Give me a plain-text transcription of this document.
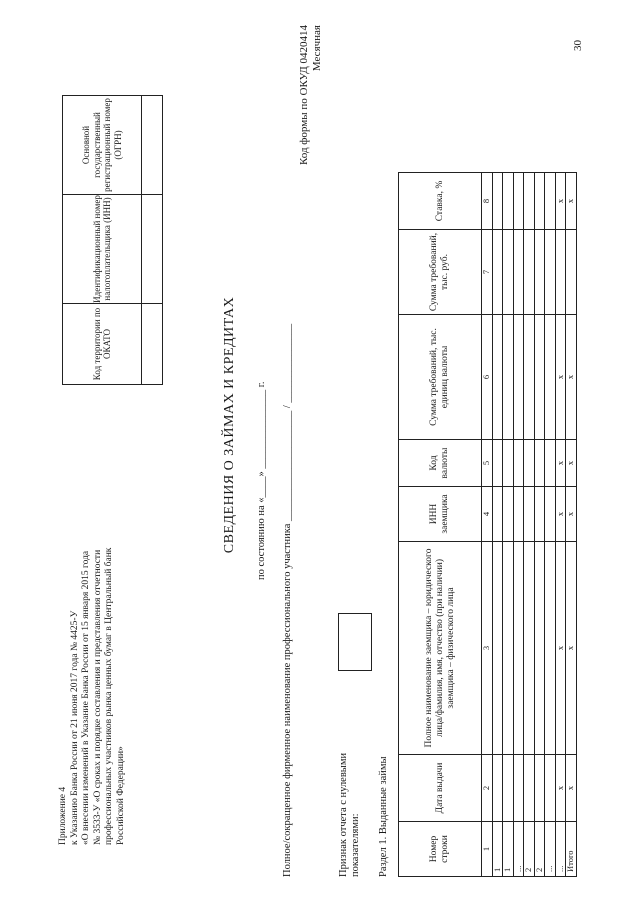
Приложение 4 к Указанию Банка России от 21 июня 2017 года № 4425-У «О внесении изменений в Указание Банка России от 15 января 2015 года № 3533-У «О сроках и порядке составления и представления отчетности профессиональных участников рынка ценных бумаг в Центральный банк Российской Федерации»
Код территории по ОКАТО	Идентификационный номер налогоплательщика (ИНН)	Основной государственный регистрационный номер (ОГРН)

СВЕДЕНИЯ О ЗАЙМАХ И КРЕДИТАХ по состоянию на «____» _______________ г.
Код формы по ОКУД 0420414 Месячная
Полное/сокращенное фирменное наименование профессионального участника _____________________ / _______________	Признак отчета с нулевыми показателями: Раздел 1. Выданные займы	Номер строки	Дата выдачи	Полное наименование заемщика – юридического лица/фамилия, имя, отчество (при наличии) заемщика – физического лица	ИНН заемщика	Код валюты	Сумма требований, тыс. единиц валюты	Сумма требований, тыс. руб.	Ставка, %
1	2	3	4	5	6	7	8
1							
1							
...							
2							
2							
...							
...	x	x	x	x	x		x
Итого	x	x	x	x	x		x
30
